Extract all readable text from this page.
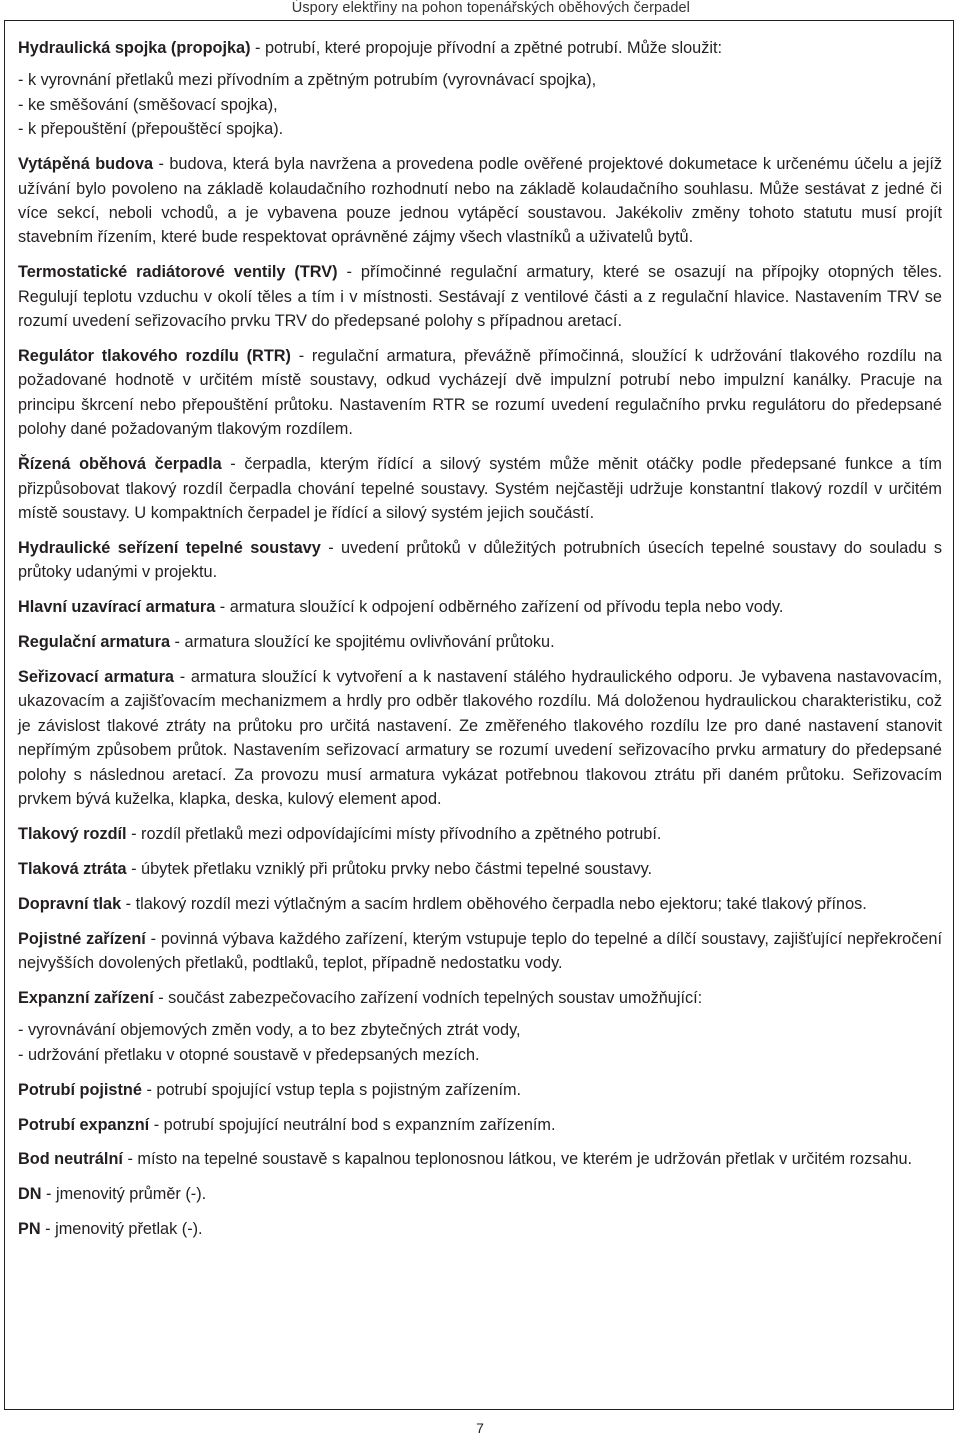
Úspory elektřiny na pohon topenářských oběhových čerpadel

Hydraulická spojka (propojka) - potrubí, které propojuje přívodní a zpětné potrubí. Může sloužit:

- k vyrovnání přetlaků mezi přívodním a zpětným potrubím (vyrovnávací spojka),

- ke směšování (směšovací spojka),

- k přepouštění (přepouštěcí spojka).

Vytápěná budova - budova, která byla navržena a provedena podle ověřené projektové dokumetace k určenému účelu a jejíž užívání bylo povoleno na základě kolaudačního rozhodnutí nebo na základě kolaudačního souhlasu. Může sestávat z jedné či více sekcí, neboli vchodů, a je vybavena pouze jednou vytápěcí soustavou. Jakékoliv změny tohoto statutu musí projít stavebním řízením, které bude respektovat oprávněné zájmy všech vlastníků a uživatelů bytů.

Termostatické radiátorové ventily (TRV) - přímočinné regulační armatury, které se osazují na přípojky otopných těles. Regulují teplotu vzduchu v okolí těles a tím i v místnosti. Sestávají z ventilové části a z regulační hlavice. Nastavením TRV se rozumí uvedení seřizovacího prvku TRV do předepsané polohy s případnou aretací.

Regulátor tlakového rozdílu (RTR) - regulační armatura, převážně přímočinná, sloužící k udržování tlakového rozdílu na požadované hodnotě v určitém místě soustavy, odkud vycházejí dvě impulzní potrubí nebo impulzní kanálky. Pracuje na principu škrcení nebo přepouštění průtoku. Nastavením RTR se rozumí uvedení regulačního prvku regulátoru do předepsané polohy dané požadovaným tlakovým rozdílem.

Řízená oběhová čerpadla - čerpadla, kterým řídící a silový systém může měnit otáčky podle předepsané funkce a tím přizpůsobovat tlakový rozdíl čerpadla chování tepelné soustavy. Systém nejčastěji udržuje konstantní tlakový rozdíl v určitém místě soustavy. U kompaktních čerpadel je řídící a silový systém jejich součástí.

Hydraulické seřízení tepelné soustavy - uvedení průtoků v důležitých potrubních úsecích tepelné soustavy do souladu s průtoky udanými v projektu.

Hlavní uzavírací armatura - armatura sloužící k odpojení odběrného zařízení od přívodu tepla nebo vody.

Regulační armatura - armatura sloužící ke spojitému ovlivňování průtoku.

Seřizovací armatura - armatura sloužící k vytvoření a k nastavení stálého hydraulického odporu. Je vybavena nastavovacím, ukazovacím a zajišťovacím mechanizmem a hrdly pro odběr tlakového rozdílu. Má doloženou hydraulickou charakteristiku, což je závislost tlakové ztráty na průtoku pro určitá nastavení. Ze změřeného tlakového rozdílu lze pro dané nastavení stanovit nepřímým způsobem průtok. Nastavením seřizovací armatury se rozumí uvedení seřizovacího prvku armatury do předepsané polohy s následnou aretací. Za provozu musí armatura vykázat potřebnou tlakovou ztrátu při daném průtoku. Seřizovacím prvkem bývá kuželka, klapka, deska, kulový element apod.

Tlakový rozdíl - rozdíl přetlaků mezi odpovídajícími místy přívodního a zpětného potrubí.

Tlaková ztráta - úbytek přetlaku vzniklý při průtoku prvky nebo částmi tepelné soustavy.

Dopravní tlak - tlakový rozdíl mezi výtlačným a sacím hrdlem oběhového čerpadla nebo ejektoru; také tlakový přínos.

Pojistné zařízení - povinná výbava každého zařízení, kterým vstupuje teplo do tepelné a dílčí soustavy, zajišťující nepřekročení nejvyšších dovolených přetlaků, podtlaků, teplot, případně nedostatku vody.

Expanzní zařízení - součást zabezpečovacího zařízení vodních tepelných soustav umožňující:

- vyrovnávání objemových změn vody, a to bez zbytečných ztrát vody,

- udržování přetlaku v otopné soustavě v předepsaných mezích.

Potrubí pojistné - potrubí spojující vstup tepla s pojistným zařízením.

Potrubí expanzní - potrubí spojující neutrální bod s expanzním zařízením.

Bod neutrální - místo na tepelné soustavě s kapalnou teplonosnou látkou, ve kterém je udržován přetlak v určitém rozsahu.

DN - jmenovitý průměr (-).

PN - jmenovitý přetlak (-).

7
